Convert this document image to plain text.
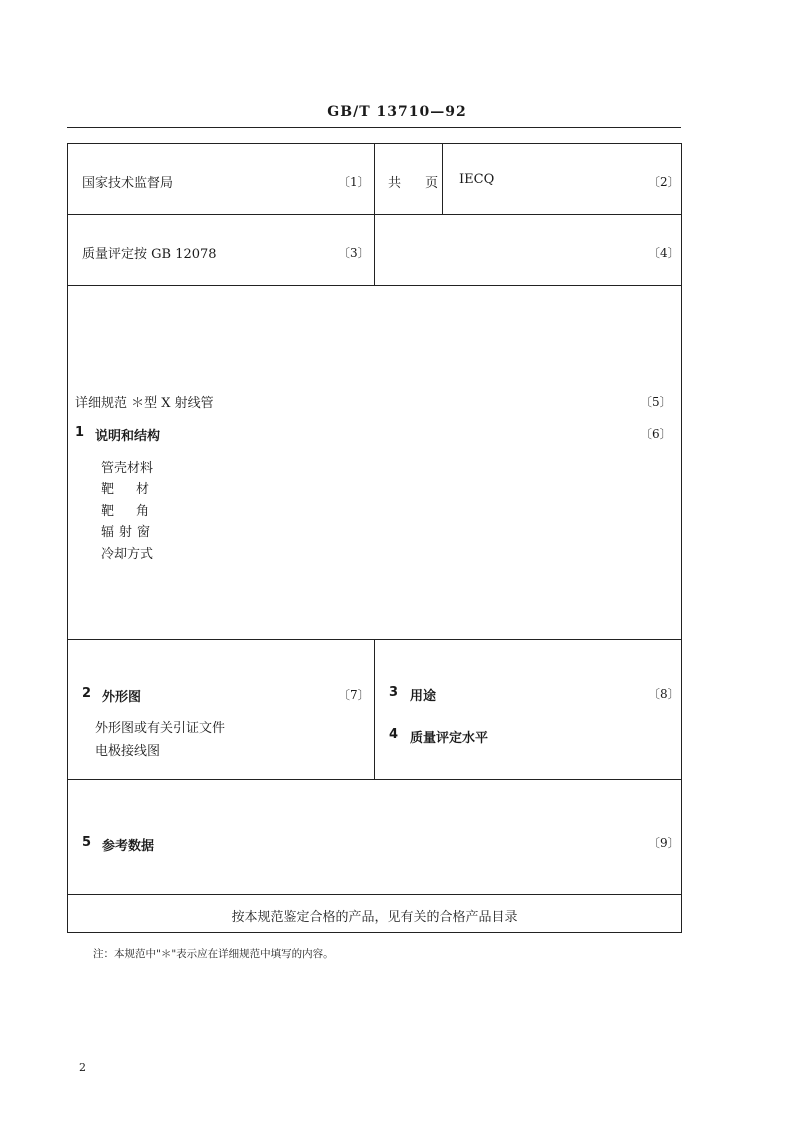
GB/T 13710—92
国家技术监督局	〔1〕 共 页 IECQ	〔2〕
质量评定按 GB 12078	〔3〕	〔4〕
详细规范 ＊型 X 射线管	〔5〕
1 说明和结构	〔6〕
管壳材料
靶材
靶角
辐射窗
冷却方式
2 外形图	〔7〕
外形图或有关引证文件
电极接线图
3 用途	〔8〕
4 质量评定水平
5 参考数据	〔9〕
按本规范鉴定合格的产品，见有关的合格产品目录
注：本规范中"＊"表示应在详细规范中填写的内容。
2
